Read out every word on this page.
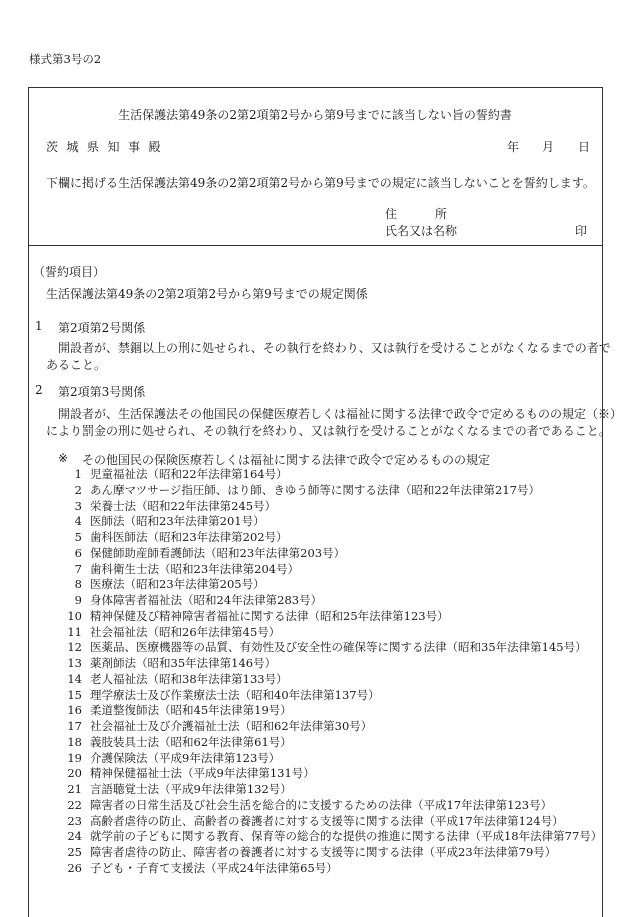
様式第3号の2
生活保護法第49条の2第2項第2号から第9号までに該当しない旨の誓約書
茨城県知事殿	年 月 日
下欄に掲げる生活保護法第49条の2第2項第2号から第9号までの規定に該当しないことを誓約します。
住	所
氏名又は名称	印
（誓約項目）
生活保護法第49条の2第2項第2号から第9号までの規定関係
1 第2項第2号関係
開設者が、禁錮以上の刑に処せられ、その執行を終わり、又は執行を受けることがなくなるまでの者で
あること。
2 第2項第3号関係
開設者が、生活保護法その他国民の保健医療若しくは福祉に関する法律で政令で定めるものの規定（※）
により罰金の刑に処せられ、その執行を終わり、又は執行を受けることがなくなるまでの者であること。
※ その他国民の保険医療若しくは福祉に関する法律で政令で定めるものの規定
1 児童福祉法（昭和22年法律第164号）
2 あん摩マツサージ指圧師、はり師、きゆう師等に関する法律（昭和22年法律第217号）
3 栄養士法（昭和22年法律第245号）
4 医師法（昭和23年法律第201号）
5 歯科医師法（昭和23年法律第202号）
6 保健師助産師看護師法（昭和23年法律第203号）
7 歯科衛生士法（昭和23年法律第204号）
8 医療法（昭和23年法律第205号）
9 身体障害者福祉法（昭和24年法律第283号）
10 精神保健及び精神障害者福祉に関する法律（昭和25年法律第123号）
11 社会福祉法（昭和26年法律第45号）
12 医薬品、医療機器等の品質、有効性及び安全性の確保等に関する法律（昭和35年法律第145号）
13 薬剤師法（昭和35年法律第146号）
14 老人福祉法（昭和38年法律第133号）
15 理学療法士及び作業療法士法（昭和40年法律第137号）
16 柔道整復師法（昭和45年法律第19号）
17 社会福祉士及び介護福祉士法（昭和62年法律第30号）
18 義肢装具士法（昭和62年法律第61号）
19 介護保険法（平成9年法律第123号）
20 精神保健福祉士法（平成9年法律第131号）
21 言語聴覚士法（平成9年法律第132号）
22 障害者の日常生活及び社会生活を総合的に支援するための法律（平成17年法律第123号）
23 高齢者虐待の防止、高齢者の養護者に対する支援等に関する法律（平成17年法律第124号）
24 就学前の子どもに関する教育、保育等の総合的な提供の推進に関する法律（平成18年法律第77号）
25 障害者虐待の防止、障害者の養護者に対する支援等に関する法律（平成23年法律第79号）
26 子ども・子育て支援法（平成24年法律第65号）
